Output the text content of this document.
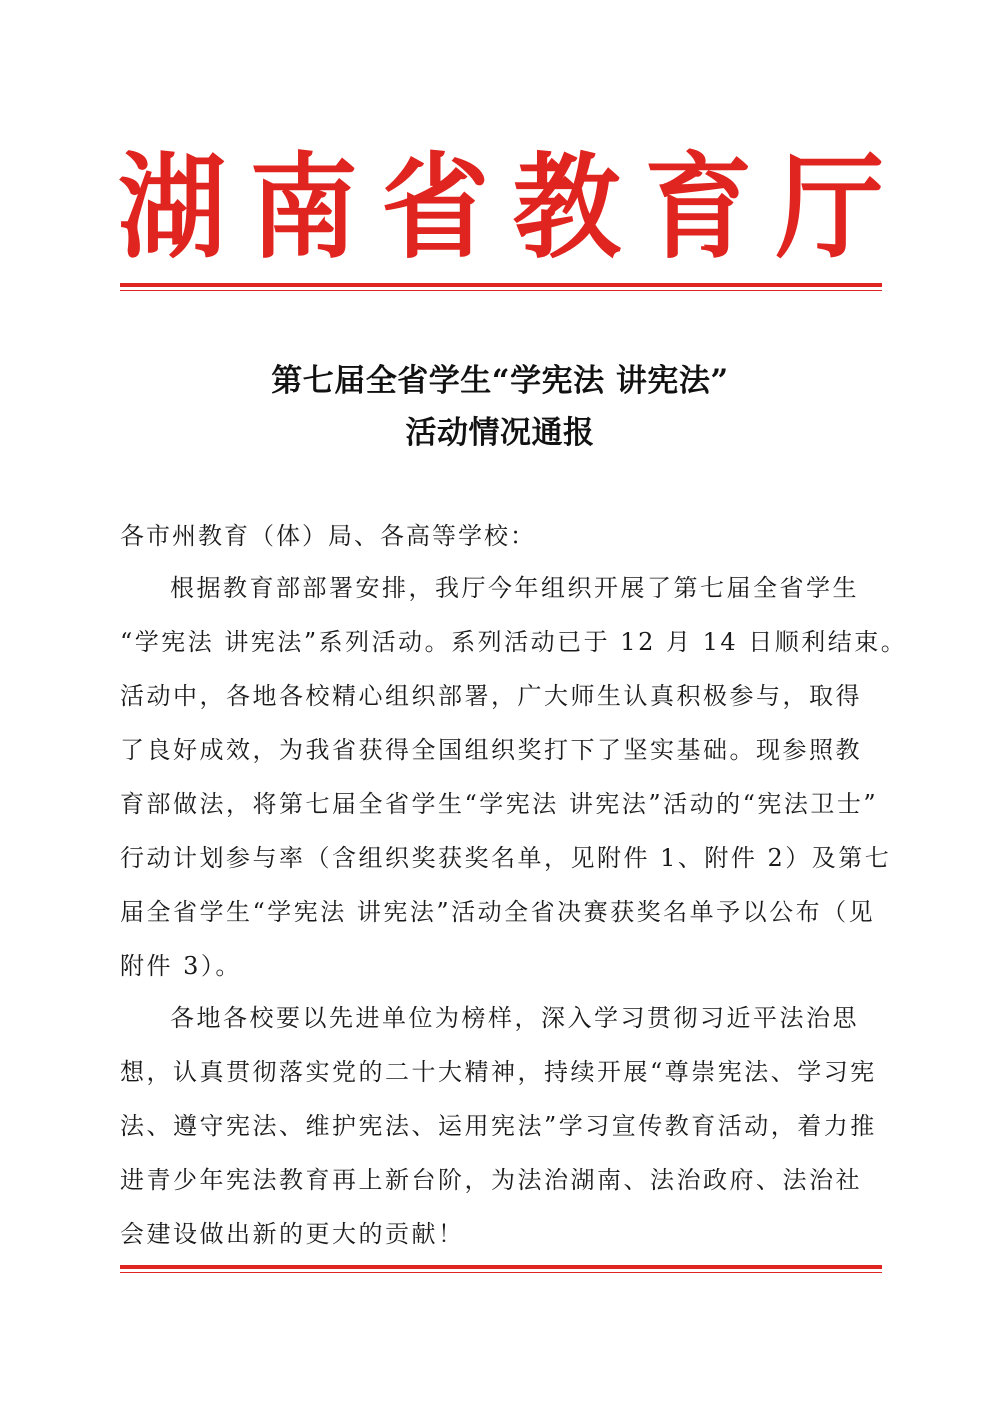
湖 南 省 教 育 厅
第七届全省学生“学宪法 讲宪法”
活动情况通报
各市州教育（体）局、各高等学校：
根据教育部部署安排，我厅今年组织开展了第七届全省学生
“学宪法 讲宪法”系列活动。系列活动已于 12 月 14 日顺利结束。
活动中，各地各校精心组织部署，广大师生认真积极参与，取得
了良好成效，为我省获得全国组织奖打下了坚实基础。现参照教
育部做法，将第七届全省学生“学宪法 讲宪法”活动的“宪法卫士”
行动计划参与率（含组织奖获奖名单，见附件 1、附件 2）及第七
届全省学生“学宪法 讲宪法”活动全省决赛获奖名单予以公布（见
附件 3）。
各地各校要以先进单位为榜样，深入学习贯彻习近平法治思
想，认真贯彻落实党的二十大精神，持续开展“尊崇宪法、学习宪
法、遵守宪法、维护宪法、运用宪法”学习宣传教育活动，着力推
进青少年宪法教育再上新台阶，为法治湖南、法治政府、法治社
会建设做出新的更大的贡献！
